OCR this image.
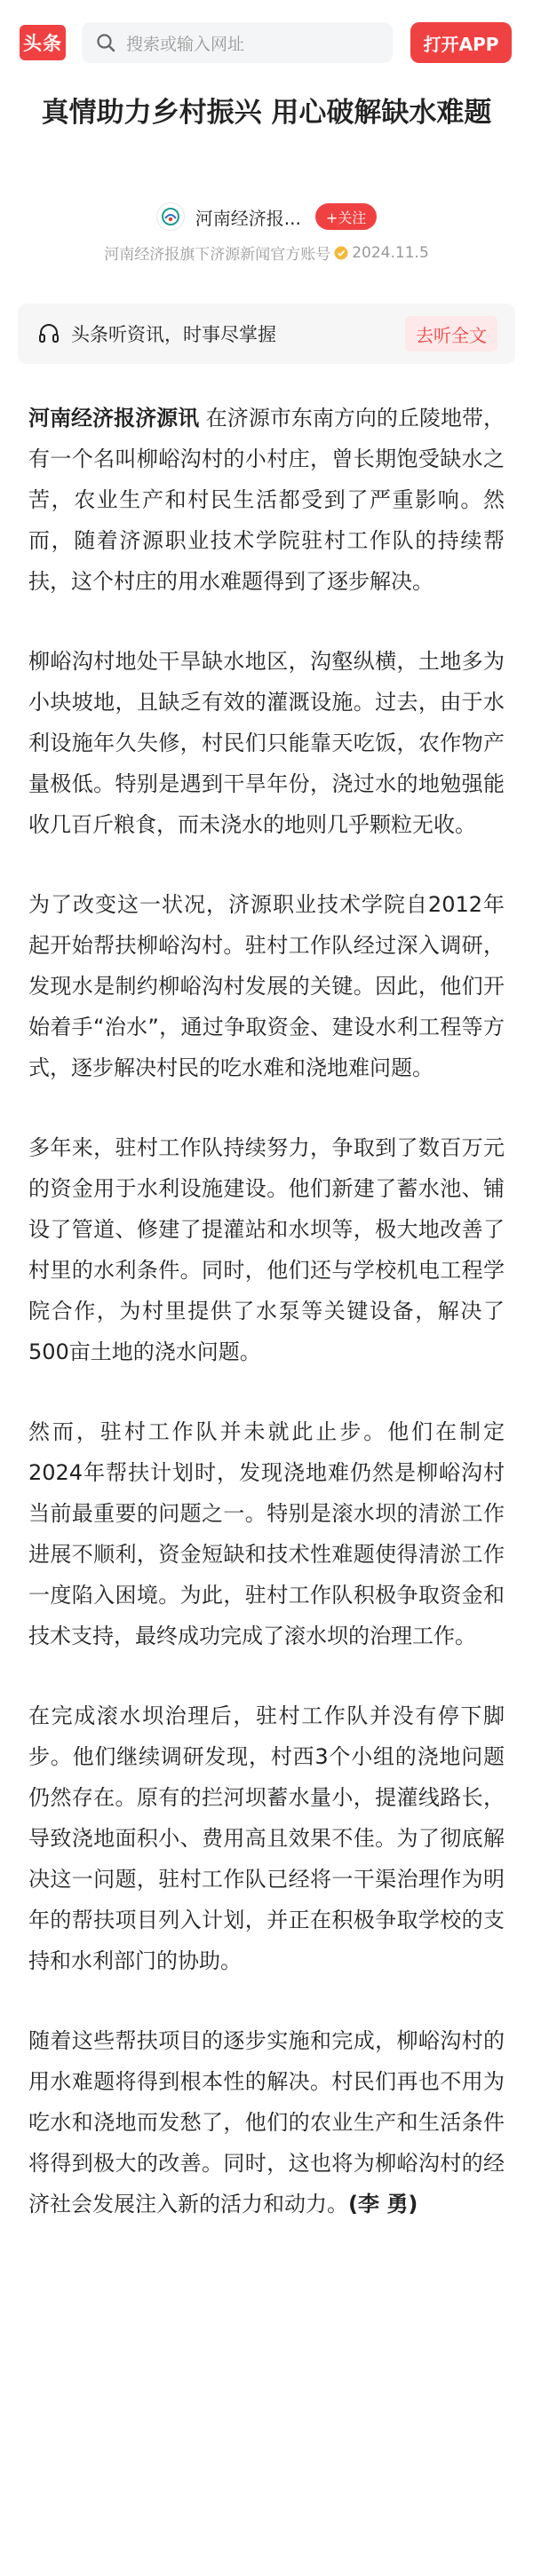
头条	搜索或输入网址	打开APP
真情助力乡村振兴 用心破解缺水难题
河南经济报...	+关注
河南经济报旗下济源新闻官方账号 2024.11.5
头条听资讯，时事尽掌握	去听全文

河南经济报济源讯 在济源市东南方向的丘陵地带，有一个名叫柳峪沟村的小村庄，曾长期饱受缺水之苦，农业生产和村民生活都受到了严重影响。然而，随着济源职业技术学院驻村工作队的持续帮扶，这个村庄的用水难题得到了逐步解决。

柳峪沟村地处干旱缺水地区，沟壑纵横，土地多为小块坡地，且缺乏有效的灌溉设施。过去，由于水利设施年久失修，村民们只能靠天吃饭，农作物产量极低。特别是遇到干旱年份，浇过水的地勉强能收几百斤粮食，而未浇水的地则几乎颗粒无收。

为了改变这一状况，济源职业技术学院自2012年起开始帮扶柳峪沟村。驻村工作队经过深入调研，发现水是制约柳峪沟村发展的关键。因此，他们开始着手“治水”，通过争取资金、建设水利工程等方式，逐步解决村民的吃水难和浇地难问题。

多年来，驻村工作队持续努力，争取到了数百万元的资金用于水利设施建设。他们新建了蓄水池、铺设了管道、修建了提灌站和水坝等，极大地改善了村里的水利条件。同时，他们还与学校机电工程学院合作，为村里提供了水泵等关键设备，解决了500亩土地的浇水问题。

然而，驻村工作队并未就此止步。他们在制定2024年帮扶计划时，发现浇地难仍然是柳峪沟村当前最重要的问题之一。特别是滚水坝的清淤工作进展不顺利，资金短缺和技术性难题使得清淤工作一度陷入困境。为此，驻村工作队积极争取资金和技术支持，最终成功完成了滚水坝的治理工作。

在完成滚水坝治理后，驻村工作队并没有停下脚步。他们继续调研发现，村西3个小组的浇地问题仍然存在。原有的拦河坝蓄水量小，提灌线路长，导致浇地面积小、费用高且效果不佳。为了彻底解决这一问题，驻村工作队已经将一干渠治理作为明年的帮扶项目列入计划，并正在积极争取学校的支持和水利部门的协助。

随着这些帮扶项目的逐步实施和完成，柳峪沟村的用水难题将得到根本性的解决。村民们再也不用为吃水和浇地而发愁了，他们的农业生产和生活条件将得到极大的改善。同时，这也将为柳峪沟村的经济社会发展注入新的活力和动力。(李 勇)
